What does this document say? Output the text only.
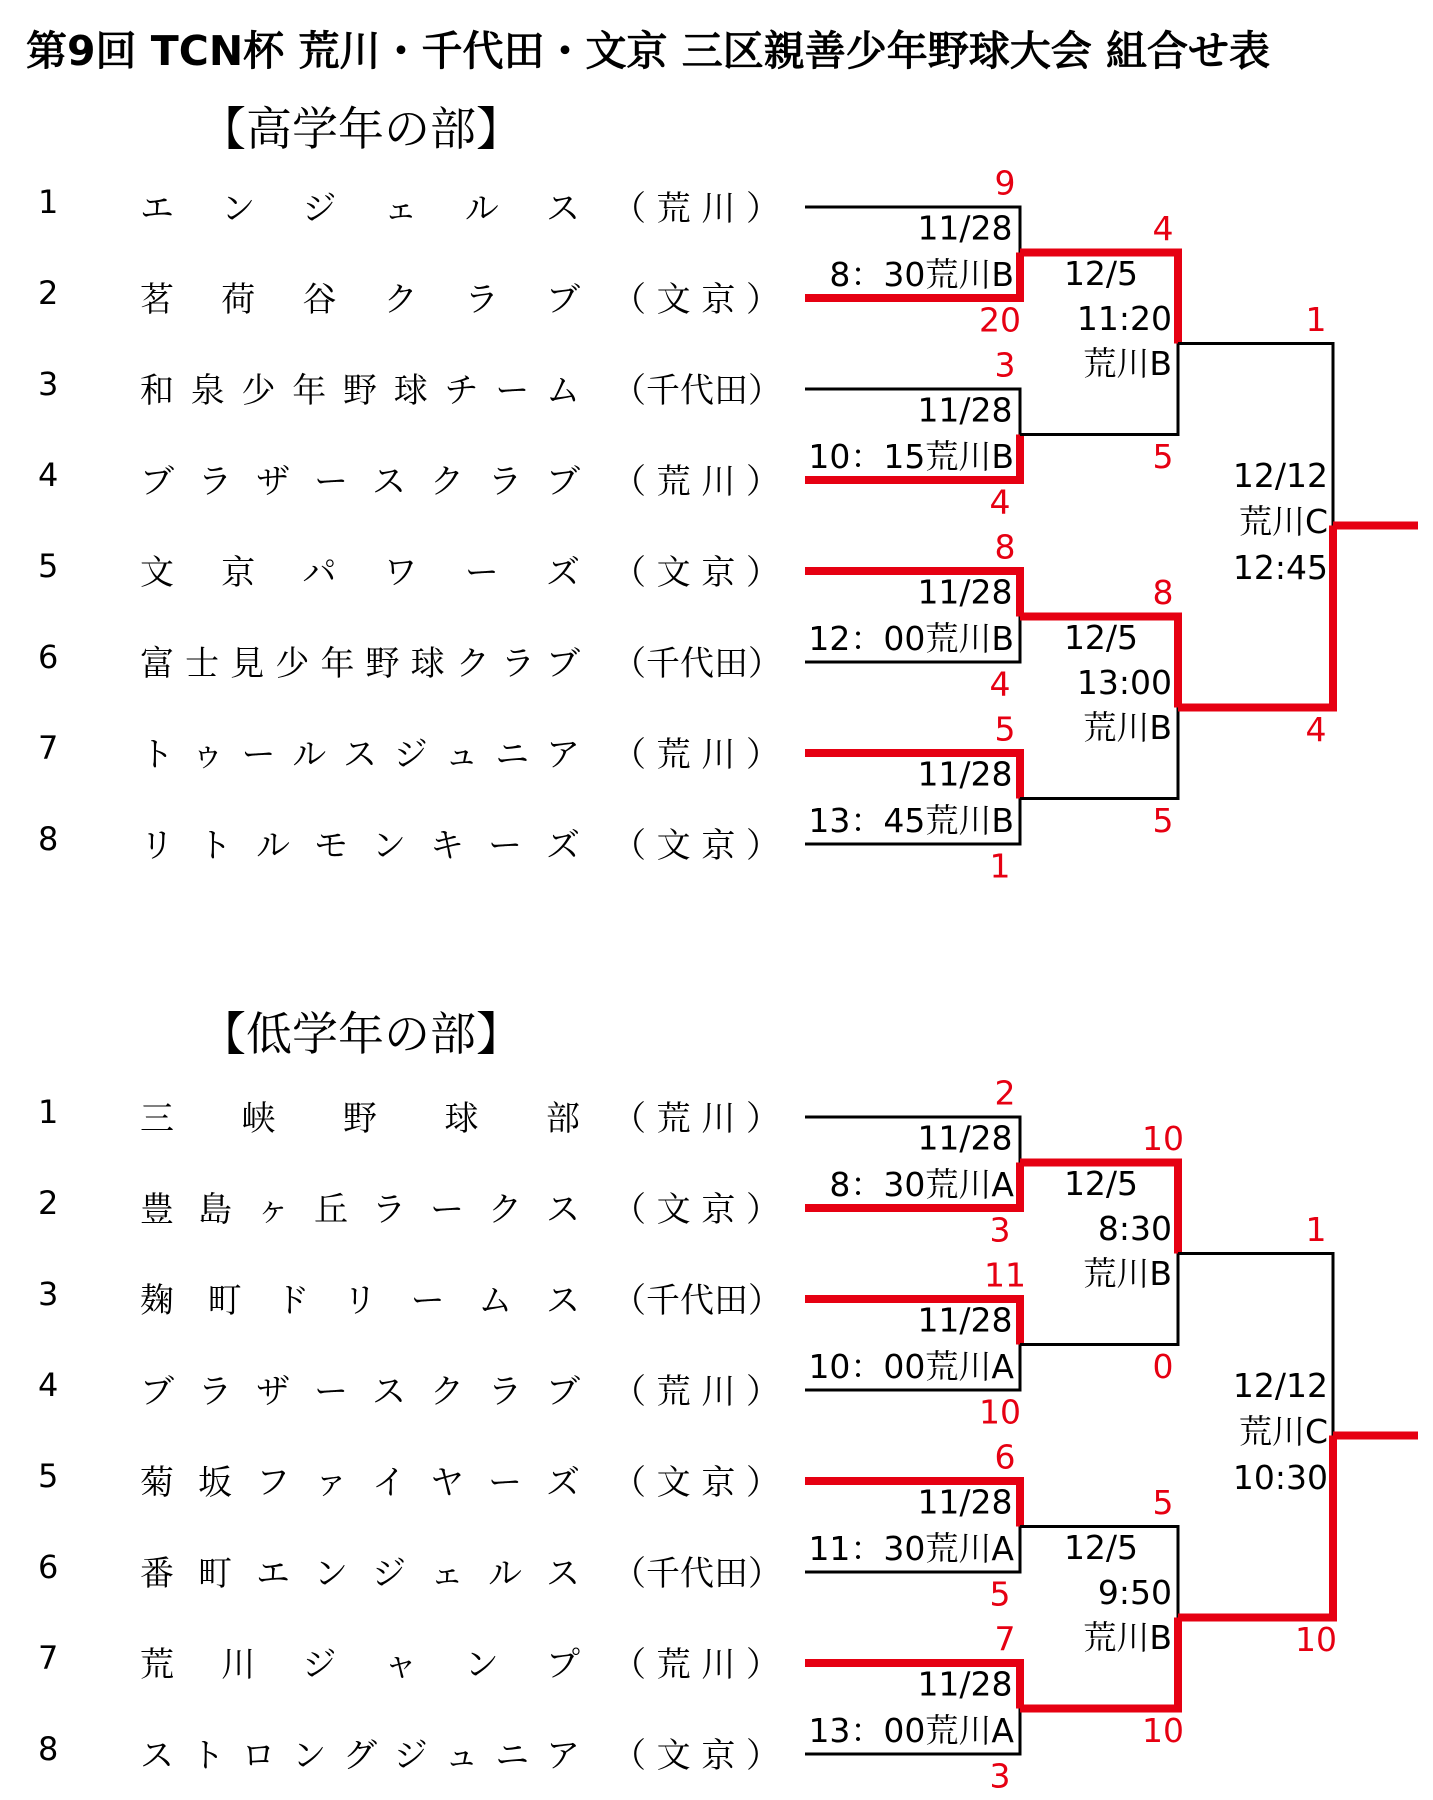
第9回 TCN杯 荒川・千代田・文京 三区親善少年野球大会 組合せ表
【高学年の部】
1 エ ン ジ ェ ル ス （ 荒 川 ）
2 茗 荷 谷 ク ラ ブ （ 文 京 ）
3 和 泉 少 年 野 球 チ ー ム （ 千 代 田 ）
4 ブ ラ ザ ー ス ク ラ ブ （ 荒 川 ）
5 文 京 パ ワ ー ズ （ 文 京 ）
6 富 士 見 少 年 野 球 ク ラ ブ （ 千 代 田 ）
7 ト ゥ ー ル ス ジ ュ ニ ア （ 荒 川 ）
8 リ ト ル モ ン キ ー ズ （ 文 京 ）
9
20
11/28
8：30荒川B
3
4
11/28
10：15荒川B
8
4
11/28
12：00荒川B
5
1
11/28
13：45荒川B
4
5
12/5
11:20
荒川B
8
5
12/5
13:00
荒川B
1
4
12/12
荒川C
12:45
【低学年の部】
1 三 峡 野 球 部 （ 荒 川 ）
2 豊 島 ヶ 丘 ラ ー ク ス （ 文 京 ）
3 麹 町 ド リ ー ム ス （ 千 代 田 ）
4 ブ ラ ザ ー ス ク ラ ブ （ 荒 川 ）
5 菊 坂 フ ァ イ ヤ ー ズ （ 文 京 ）
6 番 町 エ ン ジ ェ ル ス （ 千 代 田 ）
7 荒 川 ジ ャ ン プ （ 荒 川 ）
8 ス ト ロ ン グ ジ ュ ニ ア （ 文 京 ）
2
3
11/28
8：30荒川A
11
10
11/28
10：00荒川A
6
5
11/28
11：30荒川A
7
3
11/28
13：00荒川A
10
0
12/5
8:30
荒川B
5
10
12/5
9:50
荒川B
1
10
12/12
荒川C
10:30
